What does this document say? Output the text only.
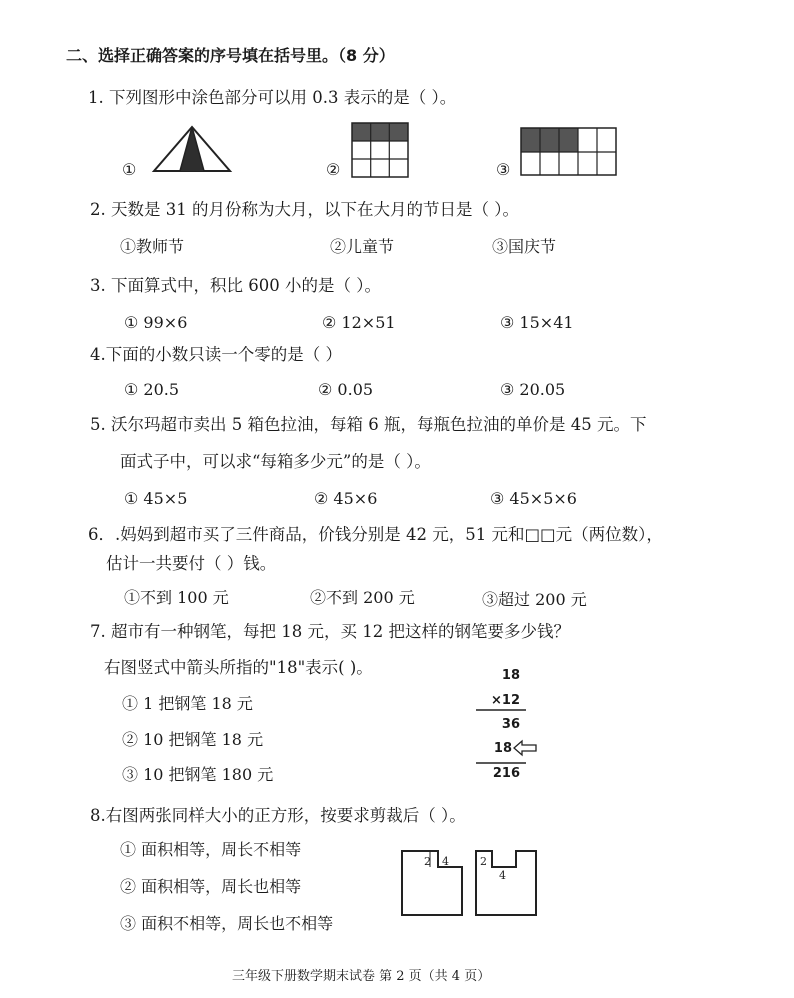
二、选择正确答案的序号填在括号里。（8 分）
1. 下列图形中涂色部分可以用 0.3 表示的是（ ）。
①	②	③
2. 天数是 31 的月份称为大月，以下在大月的节日是（ ）。
①教师节	②儿童节	③国庆节
3. 下面算式中，积比 600 小的是（ ）。
① 99×6	② 12×51	③ 15×41
4.下面的小数只读一个零的是（ ）
① 20.5	② 0.05	③ 20.05
5. 沃尔玛超市卖出 5 箱色拉油，每箱 6 瓶，每瓶色拉油的单价是 45 元。下
面式子中，可以求“每箱多少元”的是（ ）。
① 45×5	② 45×6	③ 45×5×6
6．.妈妈到超市买了三件商品，价钱分别是 42 元，51 元和□□元（两位数），
估计一共要付（ ）钱。
①不到 100 元	②不到 200 元	③超过 200 元
7. 超市有一种钢笔，每把 18 元，买 12 把这样的钢笔要多少钱？
右图竖式中箭头所指的"18"表示( )。
① 1 把钢笔 18 元
② 10 把钢笔 18 元
③ 10 把钢笔 180 元
18
×12
36
18
216
8.右图两张同样大小的正方形，按要求剪裁后（ ）。
① 面积相等，周长不相等
② 面积相等，周长也相等
③ 面积不相等，周长也不相等
2 4	2
4
三年级下册数学期末试卷 第 2 页（共 4 页）
